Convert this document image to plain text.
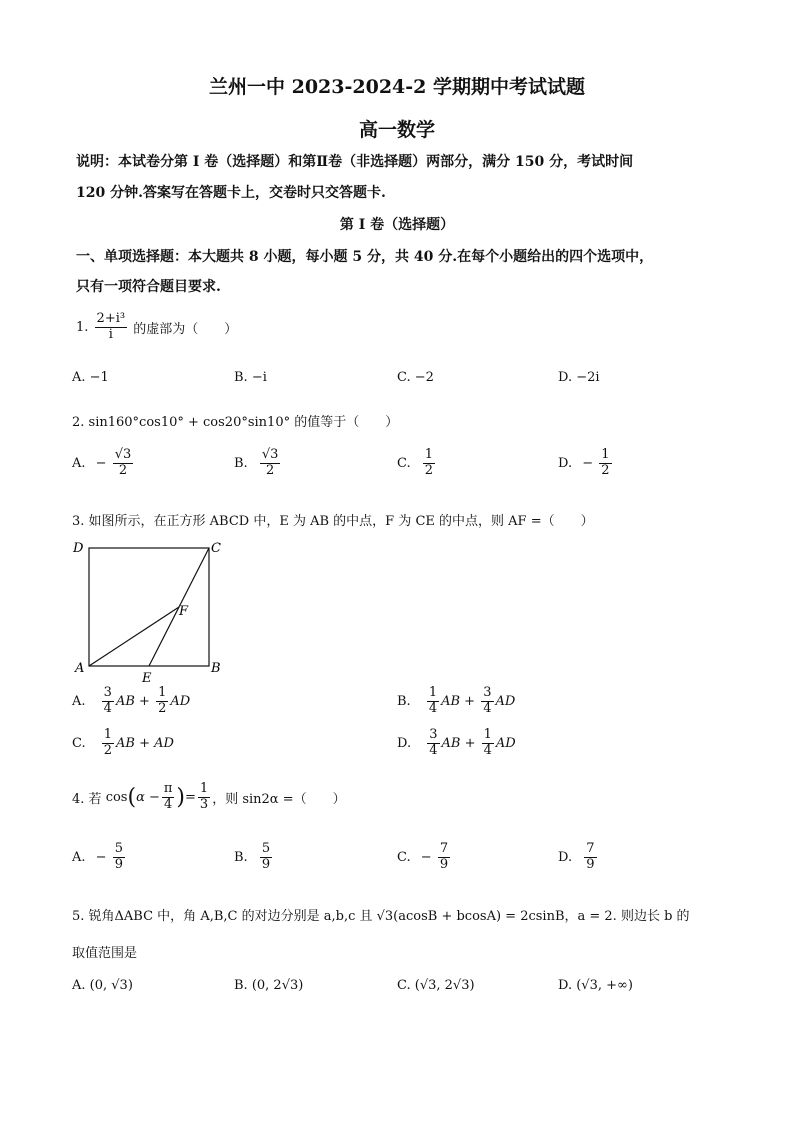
兰州一中 2023-2024-2 学期期中考试试题
高一数学
说明：本试卷分第 I 卷（选择题）和第Ⅱ卷（非选择题）两部分，满分 150 分，考试时间
120 分钟.答案写在答题卡上，交卷时只交答题卡.
第 I 卷（选择题）
一、单项选择题：本大题共 8 小题，每小题 5 分，共 40 分.在每个小题给出的四个选项中，
只有一项符合题目要求.
1. $\frac{\text{2+i³}}{i}$ 的虚部为（　　）
A. −1	B. −i	C. −2	D. −2i
2. sin160°cos10° + cos20°sin10° 的值等于（　　）
A. − $\frac{√3}{2}$	B. $\frac{√3}{2}$	C. $\frac{1}{2}$	D. − $\frac{1}{2}$
3. 如图所示，在正方形 ABCD 中，E 为 AB 的中点，F 为 CE 的中点，则 AF =（　　）
D	C
A	B
E
F
A. $\frac{3}{4}$ AB + $\frac{1}{2}$ AD	B. $\frac{1}{4}$ AB + $\frac{3}{4}$ AD
C. $\frac{1}{2}$ AB + AD	D. $\frac{3}{4}$ AB + $\frac{1}{4}$ AD
4. 若 $\cos(\alpha - \frac{\pi}{4}$ )= $\frac{1}{3}$ ，则 sin2α =（　　）
A. − $\frac{5}{9}$	B. $\frac{5}{9}$	C. − $\frac{7}{9}$	D. $\frac{7}{9}$
5. 锐角ΔABC 中，角 A,B,C 的对边分别是 a,b,c 且 √3(acosB + bcosA) = 2csinB，a = 2. 则边长 b 的
取值范围是
A. (0, √3)	B. (0, 2√3)	C. (√3, 2√3)	D. (√3, +∞)
